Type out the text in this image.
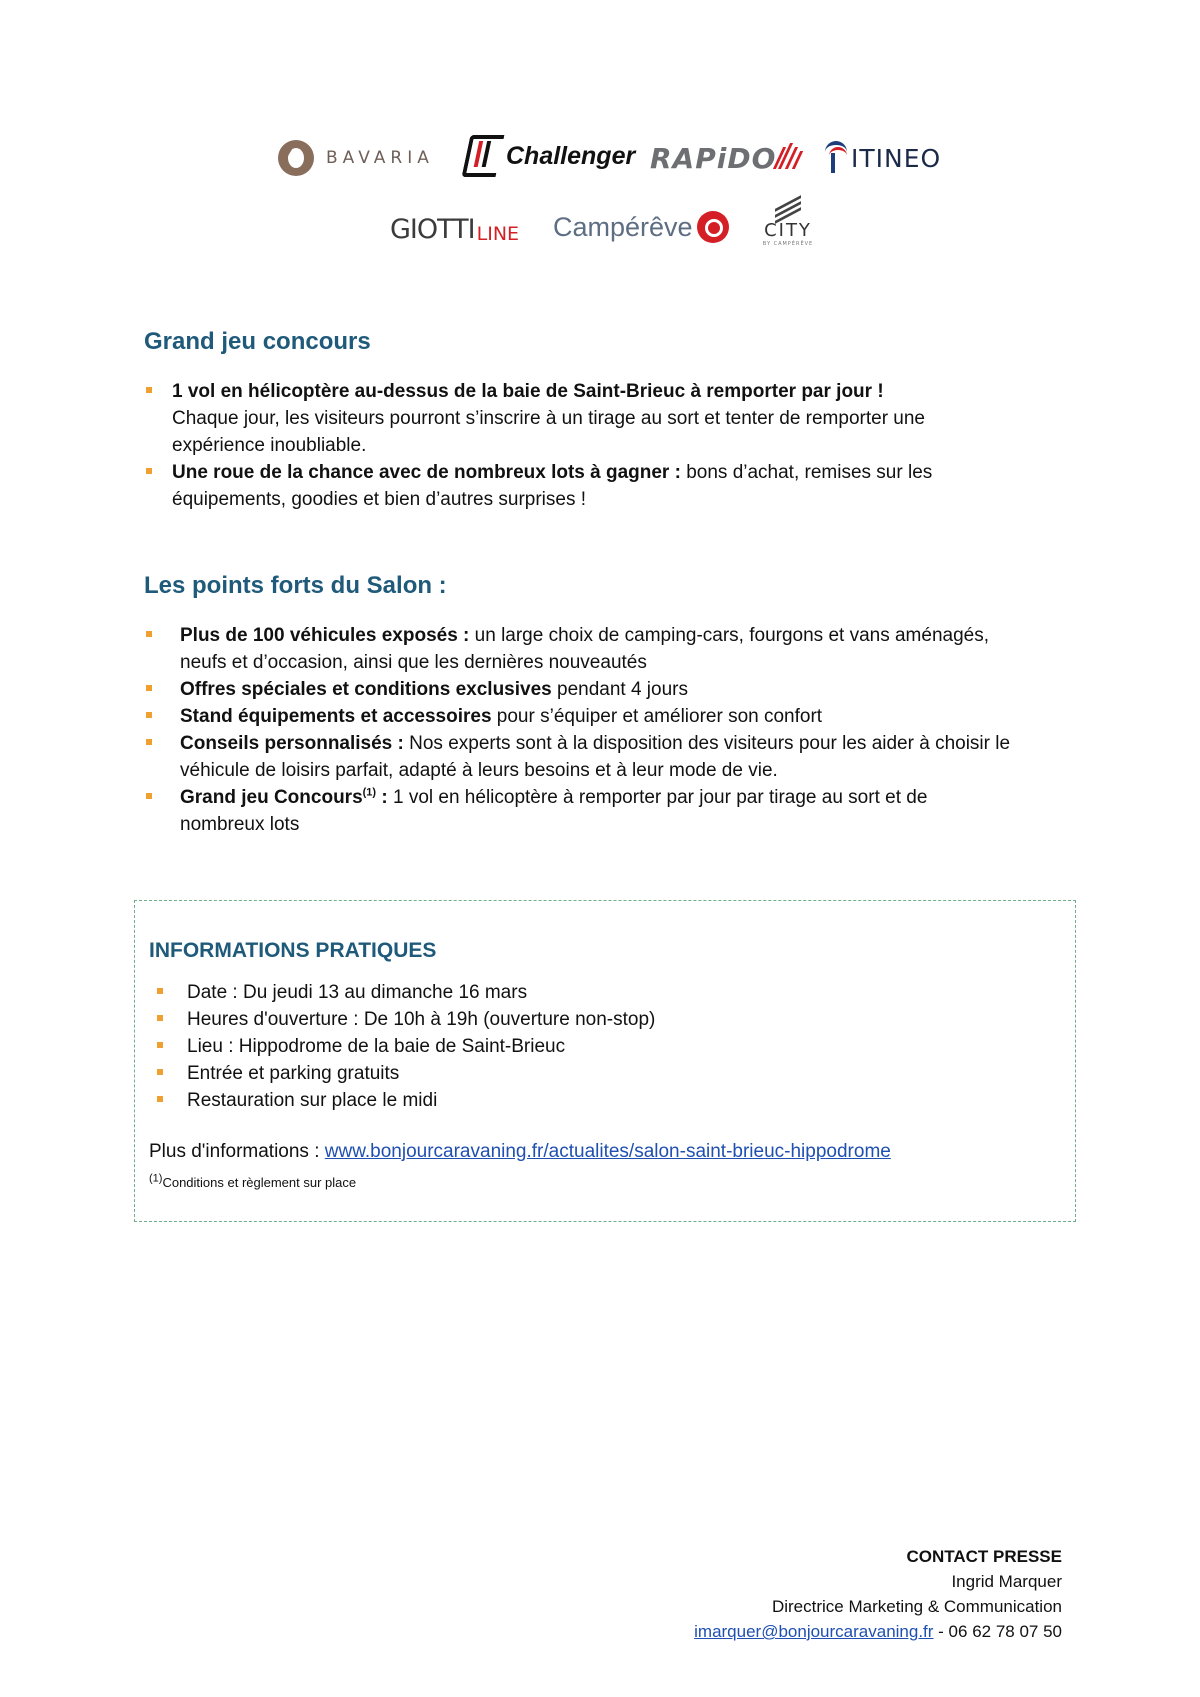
BAVARIA	Challenger RAPiDO	ITINEO
GIOTTI LINE Campérêve	CITY
BY CAMPÉRÊVE
Grand jeu concours
1 vol en hélicoptère au-dessus de la baie de Saint-Brieuc à remporter par jour !
Chaque jour, les visiteurs pourront s’inscrire à un tirage au sort et tenter de remporter une
expérience inoubliable.
Une roue de la chance avec de nombreux lots à gagner : bons d’achat, remises sur les
équipements, goodies et bien d’autres surprises !
Les points forts du Salon :
Plus de 100 véhicules exposés : un large choix de camping-cars, fourgons et vans aménagés,
neufs et d’occasion, ainsi que les dernières nouveautés
Offres spéciales et conditions exclusives pendant 4 jours
Stand équipements et accessoires pour s’équiper et améliorer son confort
Conseils personnalisés : Nos experts sont à la disposition des visiteurs pour les aider à choisir le
véhicule de loisirs parfait, adapté à leurs besoins et à leur mode de vie.
Grand jeu Concours$^{(1)}$ : 1 vol en hélicoptère à remporter par jour par tirage au sort et de
nombreux lots
INFORMATIONS PRATIQUES
Date : Du jeudi 13 au dimanche 16 mars
Heures d'ouverture : De 10h à 19h (ouverture non-stop)
Lieu : Hippodrome de la baie de Saint-Brieuc
Entrée et parking gratuits
Restauration sur place le midi
Plus d'informations : www.bonjourcaravaning.fr/actualites/salon-saint-brieuc-hippodrome
$^{(1)}$Conditions et règlement sur place
CONTACT PRESSE
Ingrid Marquer
Directrice Marketing & Communication
imarquer@bonjourcaravaning.fr - 06 62 78 07 50
